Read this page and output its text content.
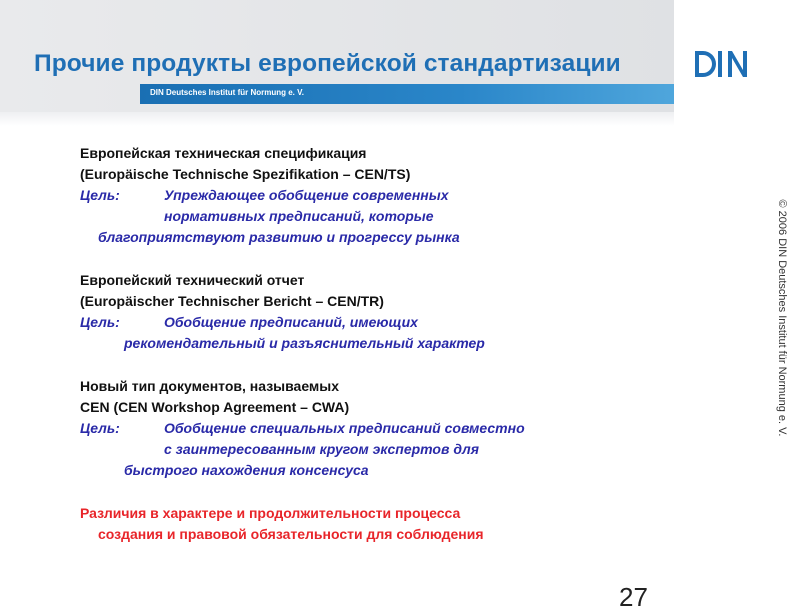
Прочие продукты европейской стандартизации
DIN Deutsches Institut für Normung e. V.
© 2006 DIN Deutsches Institut für Normung e. V.

Европейская техническая спецификация

(Europäische Technische Spezifikation – CEN/TS)

Цель:	Упреждающее обобщение современных

нормативных предписаний, которые

благоприятствуют развитию и прогрессу рынка

Европейский технический отчет

(Europäischer Technischer Bericht – CEN/TR)

Цель:	Обобщение предписаний, имеющих

рекомендательный и разъяснительный характер

Новый тип документов, называемых

CEN (CEN Workshop Agreement – CWA)

Цель:	Обобщение специальных предписаний совместно

с заинтересованным кругом экспертов для

быстрого нахождения консенсуса

Различия в характере и продолжительности процесса

создания и правовой обязательности для соблюдения

27
